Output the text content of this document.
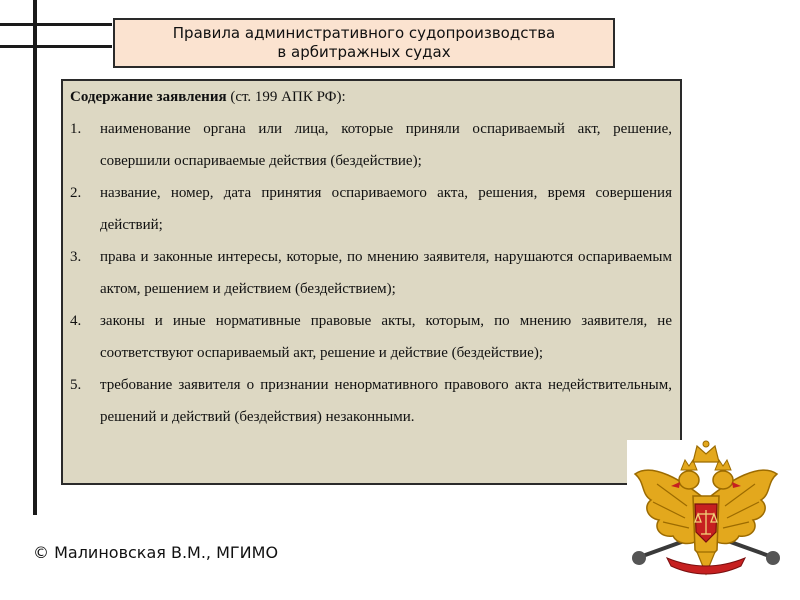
Правила административного судопроизводства
в арбитражных судах

Содержание заявления (ст. 199 АПК РФ):

1.	наименование органа или лица, которые приняли оспариваемый акт, решение, совершили оспариваемые действия (бездействие);
2.	название, номер, дата принятия оспариваемого акта, решения, время совершения действий;
3.	права и законные интересы, которые, по мнению заявителя, нарушаются оспариваемым актом, решением и действием (бездействием);
4.	законы и иные нормативные правовые акты, которым, по мнению заявителя, не соответствуют оспариваемый акт, решение и действие (бездействие);
5.	требование заявителя о признании ненормативного правового акта недействительным, решений и действий (бездействия) незаконными.
© Малиновская В.М., МГИМО
